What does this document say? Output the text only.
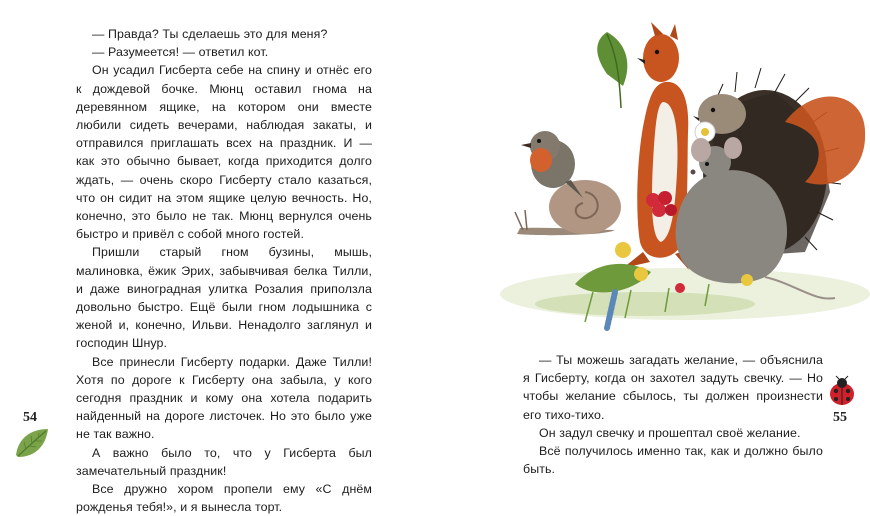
— Правда? Ты сделаешь это для меня?

— Разумеется! — ответил кот.

Он усадил Гисберта себе на спину и отнёс его к дождевой бочке. Мюнц оставил гнома на деревянном ящике, на котором они вместе любили сидеть вечерами, наблюдая закаты, и отправился приглашать всех на праздник. И — как это обычно бывает, когда приходится долго ждать, — очень скоро Гисберту стало казаться, что он сидит на этом ящике целую вечность. Но, конечно, это было не так. Мюнц вернулся очень быстро и привёл с собой много гостей.

Пришли старый гном бузины, мышь, малиновка, ёжик Эрих, забывчивая белка Тилли, и даже виноградная улитка Розалия приползла довольно быстро. Ещё были гном лодышника с женой и, конечно, Ильви. Ненадолго заглянул и господин Шнур.

Все принесли Гисберту подарки. Даже Тилли! Хотя по дороге к Гисберту она забыла, у кого сегодня праздник и кому она хотела подарить найденный на дороге листочек. Но это было уже не так важно.

А важно было то, что у Гисберта был замечательный праздник!

Все дружно хором пропели ему «С днём рожденья тебя!», и я вынесла торт.

54

— Ты можешь загадать желание, — объяснила я Гисберту, когда он захотел задуть свечку. — Но чтобы желание сбылось, ты должен произнести его тихо-тихо.

Он задул свечку и прошептал своё желание.

Всё получилось именно так, как и должно было быть.

55
